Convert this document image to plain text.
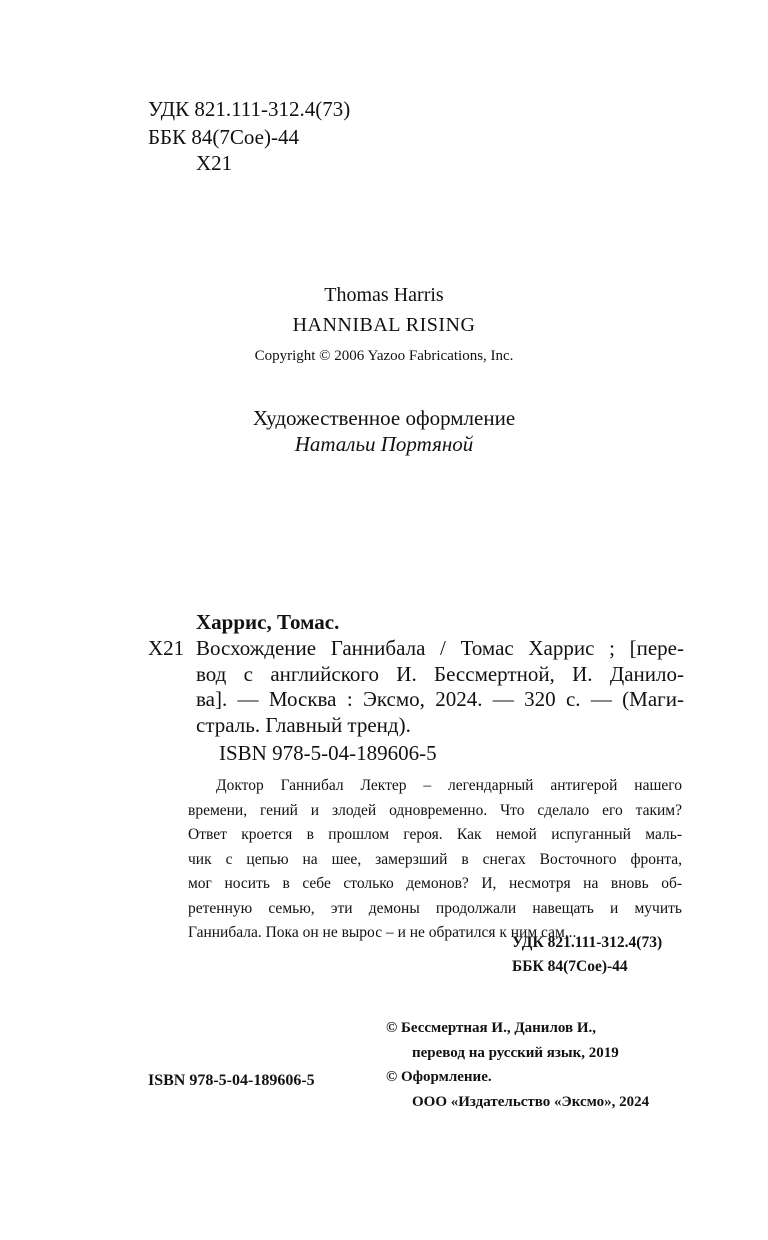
УДК 821.111-312.4(73)
ББК 84(7Сое)-44
Х21
Thomas Harris
HANNIBAL RISING
Copyright © 2006 Yazoo Fabrications, Inc.
Художественное оформление
Натальи Портяной
Харрис, Томас.
Х21 Восхождение Ганнибала / Томас Харрис ; [пере-
вод с английского И. Бессмертной, И. Данило-
ва]. — Москва : Эксмо, 2024. — 320 с. — (Маги-
страль. Главный тренд).
ISBN 978-5-04-189606-5
Доктор Ганнибал Лектер – легендарный антигерой нашего
времени, гений и злодей одновременно. Что сделало его таким?
Ответ кроется в прошлом героя. Как немой испуганный маль-
чик с цепью на шее, замерзший в снегах Восточного фронта,
мог носить в себе столько демонов? И, несмотря на вновь об-
ретенную семью, эти демоны продолжали навещать и мучить
Ганнибала. Пока он не вырос – и не обратился к ним сам...
УДК 821.111-312.4(73)
ББК 84(7Сое)-44
© Бессмертная И., Данилов И.,
перевод на русский язык, 2019
© Оформление.
ООО «Издательство «Эксмо», 2024
ISBN 978-5-04-189606-5
